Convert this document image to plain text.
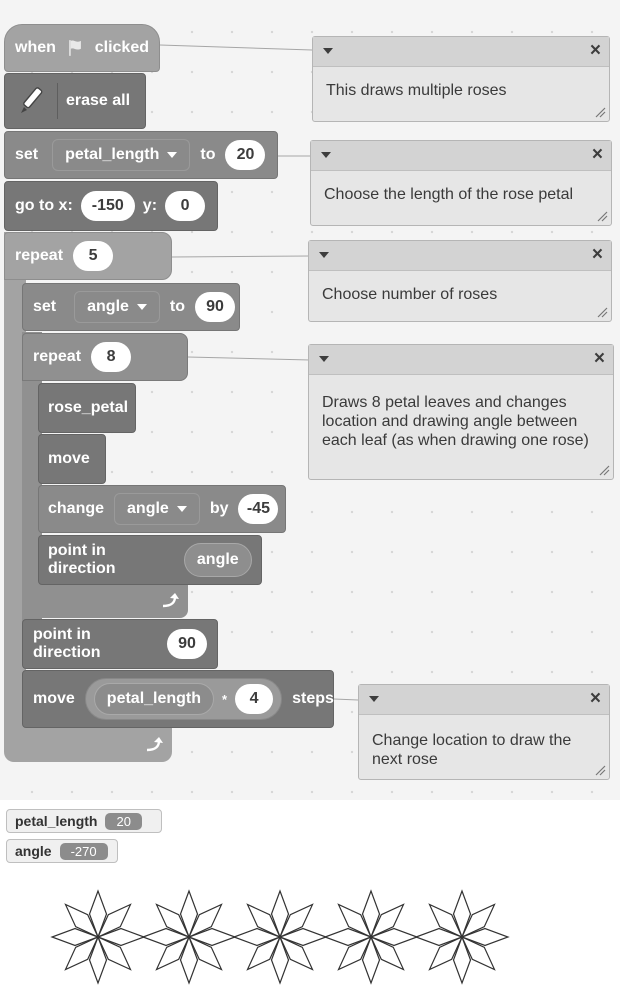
when clicked
erase all
set petal_length	to	20
go to x:	-150	y:	0
repeat	5
set angle	to	90
repeat	8
rose_petal
move
change angle	by	-45
point in direction
angle
point in direction
90
move	petal_length	*	4	steps
×
This draws multiple roses
×
Choose the length of the rose petal
×
Choose number of roses
×
Draws 8 petal leaves and changes location and drawing angle between each leaf (as when drawing one rose)
×
Change location to draw the next rose
petal_length	20
angle	-270
